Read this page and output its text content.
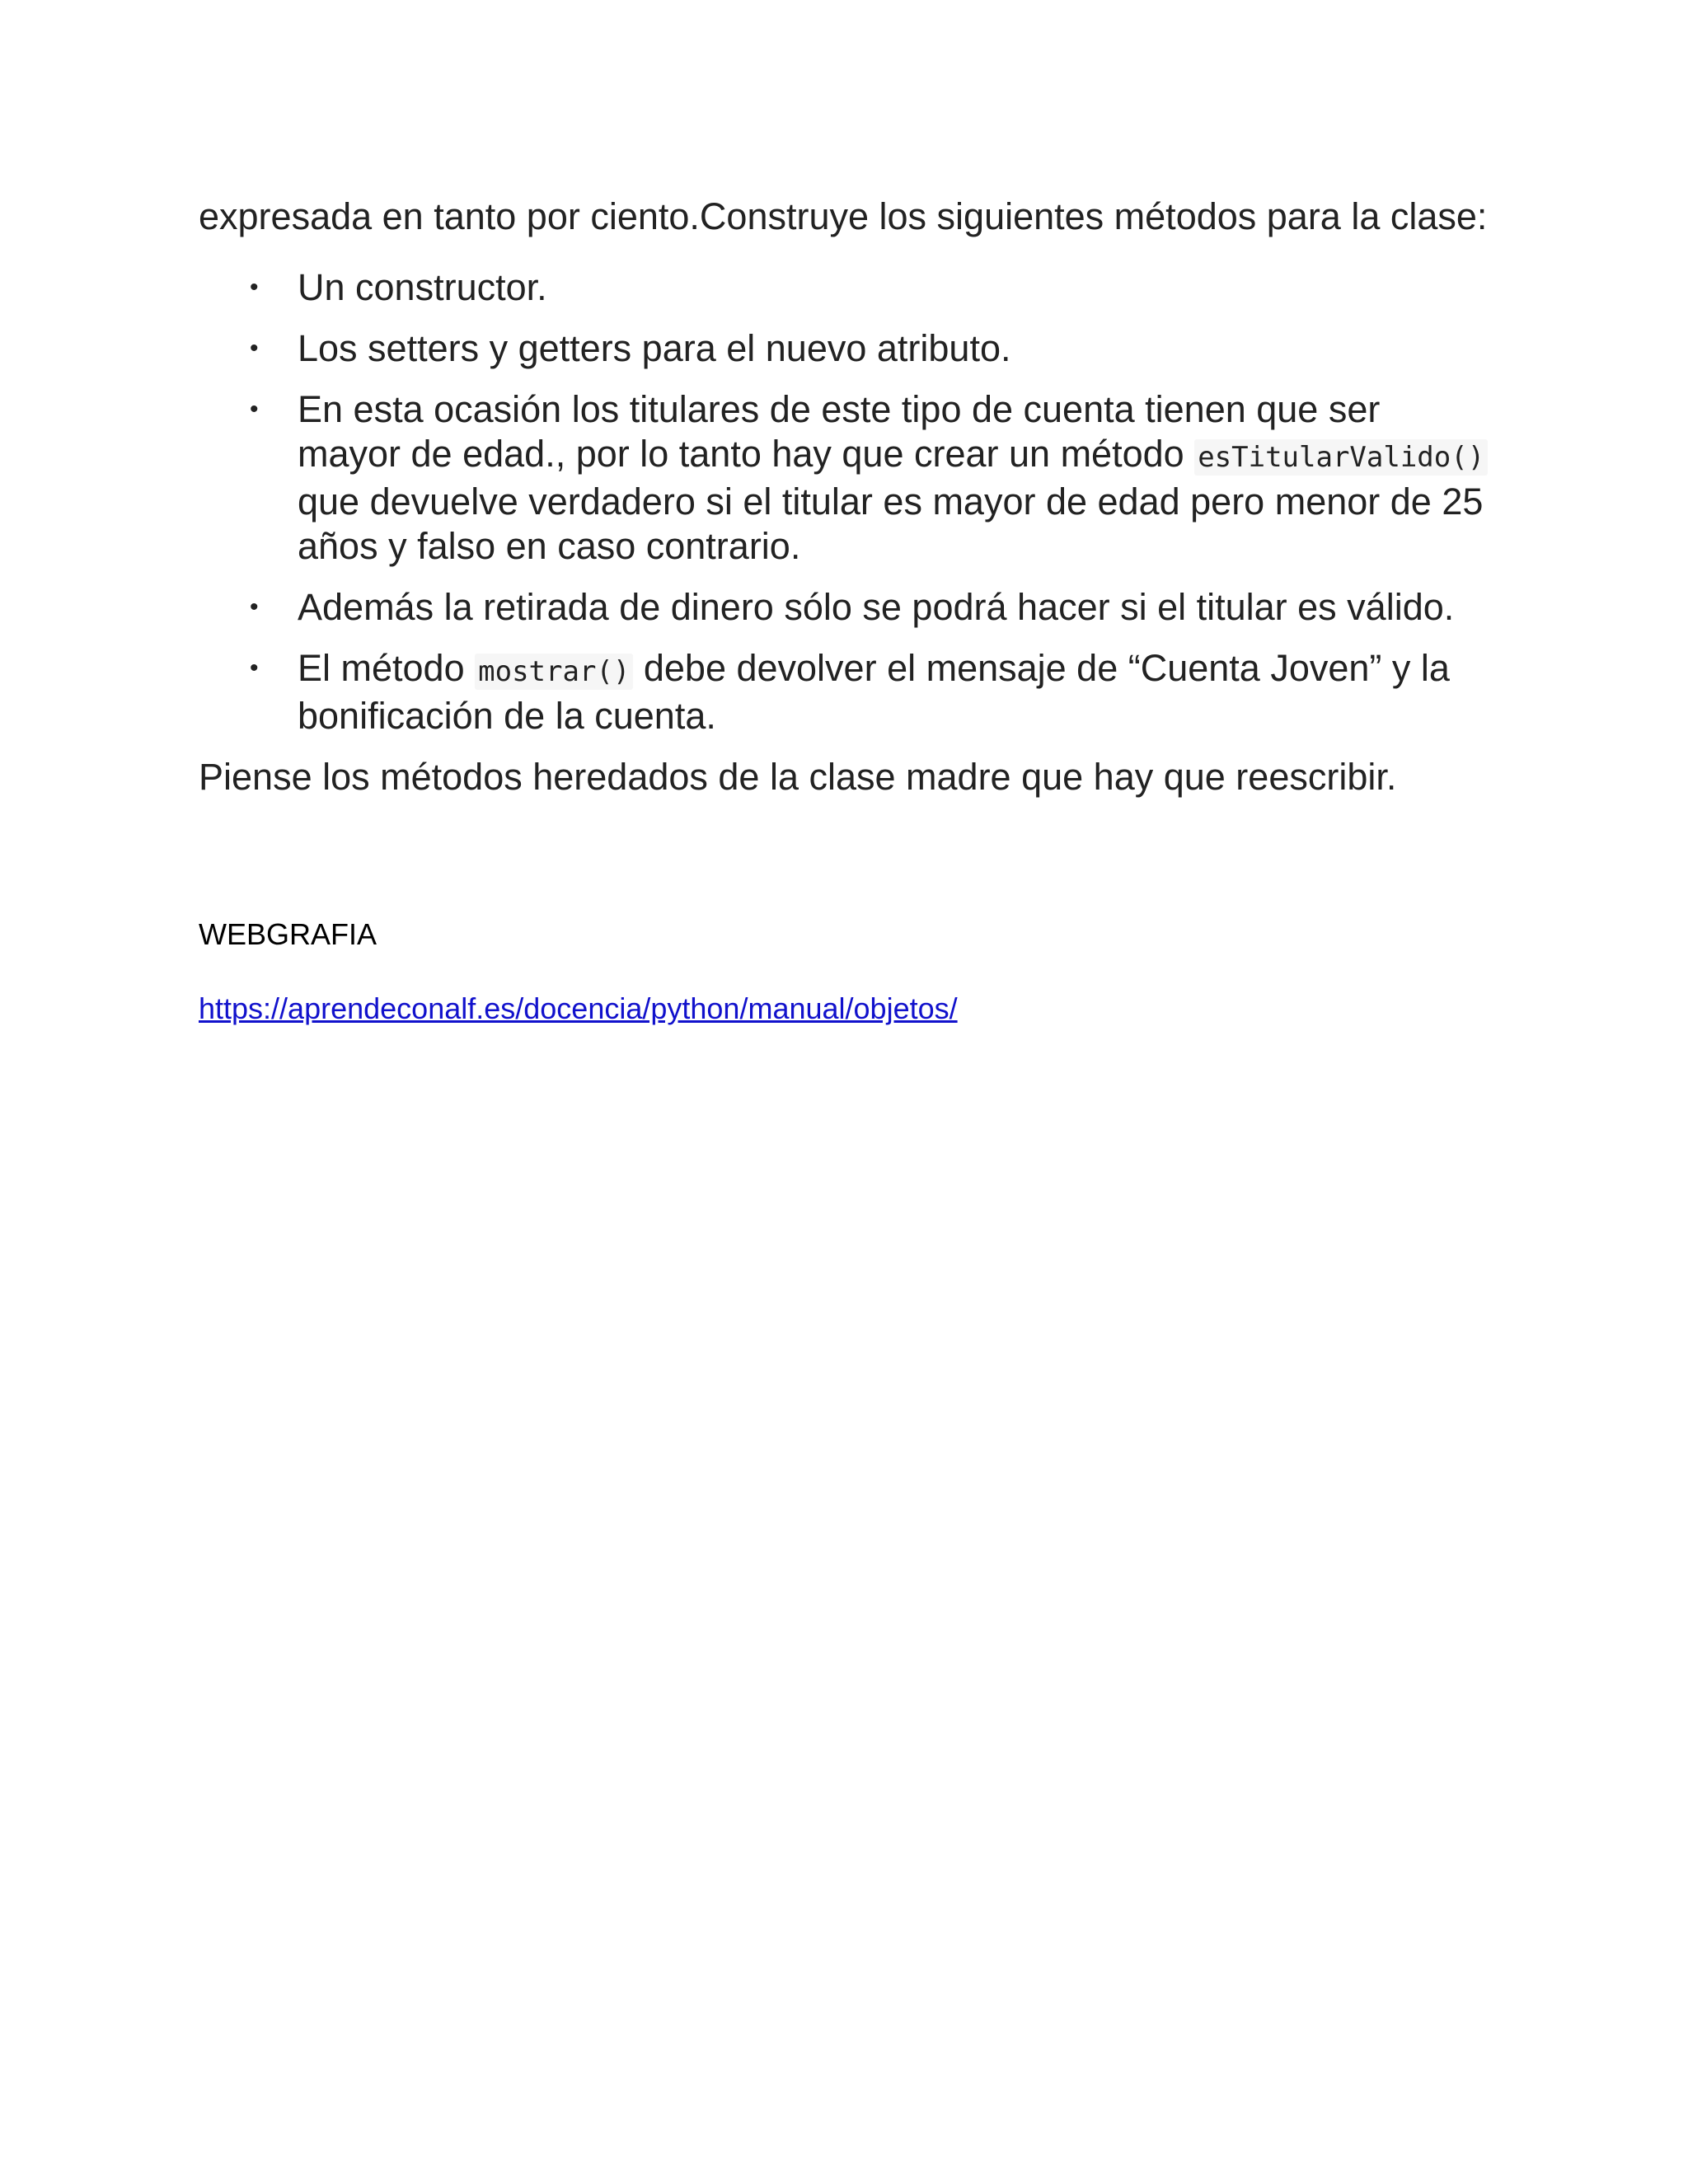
expresada en tanto por ciento.Construye los siguientes métodos para la clase:

• Un constructor.
• Los setters y getters para el nuevo atributo.
• En esta ocasión los titulares de este tipo de cuenta tienen que ser mayor de edad., por lo tanto hay que crear un método esTitularValido() que devuelve verdadero si el titular es mayor de edad pero menor de 25 años y falso en caso contrario.
• Además la retirada de dinero sólo se podrá hacer si el titular es válido.
• El método mostrar() debe devolver el mensaje de “Cuenta Joven” y la bonificación de la cuenta.

Piense los métodos heredados de la clase madre que hay que reescribir.

WEBGRAFIA

https://aprendeconalf.es/docencia/python/manual/objetos/
